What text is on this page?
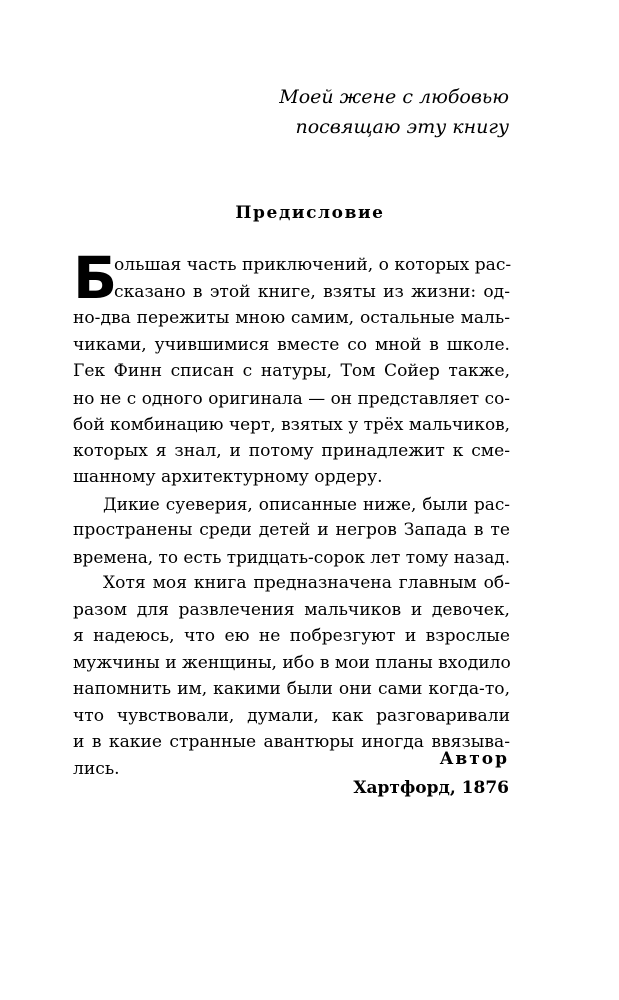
Моей жене с любовью
посвящаю эту книгу
Предисловие
Б
ольшая часть приключений, о которых рас-
сказано в этой книге, взяты из жизни: од-
но-два пережиты мною самим, остальные маль-
чиками, учившимися вместе со мной в школе.
Гек Финн списан с натуры, Том Сойер также,
но не с одного оригинала — он представляет со-
бой комбинацию черт, взятых у трёх мальчиков,
которых я знал, и потому принадлежит к сме-
шанному архитектурному ордеру.
Дикие суеверия, описанные ниже, были рас-
пространены среди детей и негров Запада в те
времена, то есть тридцать-сорок лет тому назад.
Хотя моя книга предназначена главным об-
разом для развлечения мальчиков и девочек,
я надеюсь, что ею не побрезгуют и взрослые
мужчины и женщины, ибо в мои планы входило
напомнить им, какими были они сами когда-то,
что чувствовали, думали, как разговаривали
и в какие странные авантюры иногда ввязыва-
лись.	Автор
Хартфорд, 1876
